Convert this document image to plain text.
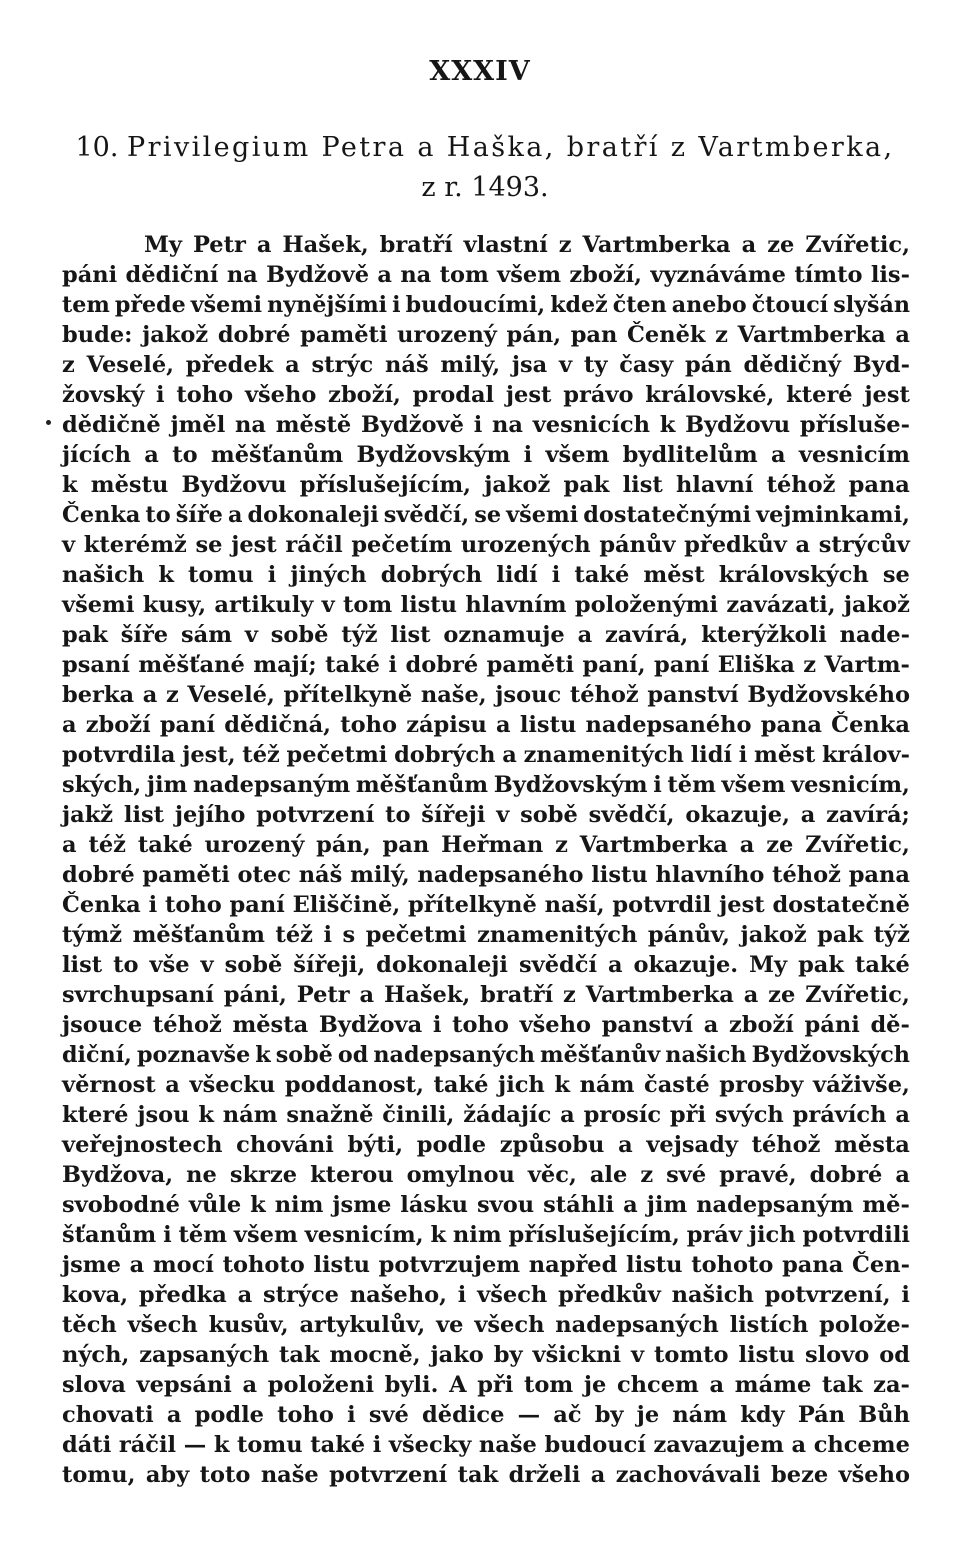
XXXIV
10. Privilegium Petra a Haška, bratří z Vartmberka,
z r. 1493.
My Petr a Hašek, bratří vlastní z Vartmberka a ze Zvířetic,
páni dědiční na Bydžově a na tom všem zboží, vyznáváme tímto lis-
tem přede všemi nynějšími i budoucími, kdež čten anebo čtoucí slyšán
bude: jakož dobré paměti urozený pán, pan Čeněk z Vartmberka a
z Veselé, předek a strýc náš milý, jsa v ty časy pán dědičný Byd-
žovský i toho všeho zboží, prodal jest právo královské, které jest
dědičně jměl na městě Bydžově i na vesnicích k Bydžovu přísluše-
jících a to měšťanům Bydžovským i všem bydlitelům a vesnicím
k městu Bydžovu příslušejícím, jakož pak list hlavní téhož pana
Čenka to šíře a dokonaleji svědčí, se všemi dostatečnými vejminkami,
v kterémž se jest ráčil pečetím urozených pánův předkův a strýcův
našich k tomu i jiných dobrých lidí i také měst královských se
všemi kusy, artikuly v tom listu hlavním položenými zavázati, jakož
pak šíře sám v sobě týž list oznamuje a zavírá, kterýžkoli nade-
psaní měšťané mají; také i dobré paměti paní, paní Eliška z Vartm-
berka a z Veselé, přítelkyně naše, jsouc téhož panství Bydžovského
a zboží paní dědičná, toho zápisu a listu nadepsaného pana Čenka
potvrdila jest, též pečetmi dobrých a znamenitých lidí i měst králov-
ských, jim nadepsaným měšťanům Bydžovským i těm všem vesnicím,
jakž list jejího potvrzení to šířeji v sobě svědčí, okazuje, a zavírá;
a též také urozený pán, pan Heřman z Vartmberka a ze Zvířetic,
dobré paměti otec náš milý, nadepsaného listu hlavního téhož pana
Čenka i toho paní Eliščině, přítelkyně naší, potvrdil jest dostatečně
týmž měšťanům též i s pečetmi znamenitých pánův, jakož pak týž
list to vše v sobě šířeji, dokonaleji svědčí a okazuje. My pak také
svrchupsaní páni, Petr a Hašek, bratří z Vartmberka a ze Zvířetic,
jsouce téhož města Bydžova i toho všeho panství a zboží páni dě-
diční, poznavše k sobě od nadepsaných měšťanův našich Bydžovských
věrnost a všecku poddanost, také jich k nám časté prosby váživše,
které jsou k nám snažně činili, žádajíc a prosíc při svých právích a
veřejnostech chováni býti, podle způsobu a vejsady téhož města
Bydžova, ne skrze kterou omylnou věc, ale z své pravé, dobré a
svobodné vůle k nim jsme lásku svou stáhli a jim nadepsaným mě-
šťanům i těm všem vesnicím, k nim příslušejícím, práv jich potvrdili
jsme a mocí tohoto listu potvrzujem napřed listu tohoto pana Čen-
kova, předka a strýce našeho, i všech předkův našich potvrzení, i
těch všech kusův, artykulův, ve všech nadepsaných listích polože-
ných, zapsaných tak mocně, jako by všickni v tomto listu slovo od
slova vepsáni a položeni byli. A při tom je chcem a máme tak za-
chovati a podle toho i své dědice — ač by je nám kdy Pán Bůh
dáti ráčil — k tomu také i všecky naše budoucí zavazujem a chceme
tomu, aby toto naše potvrzení tak drželi a zachovávali beze všeho
